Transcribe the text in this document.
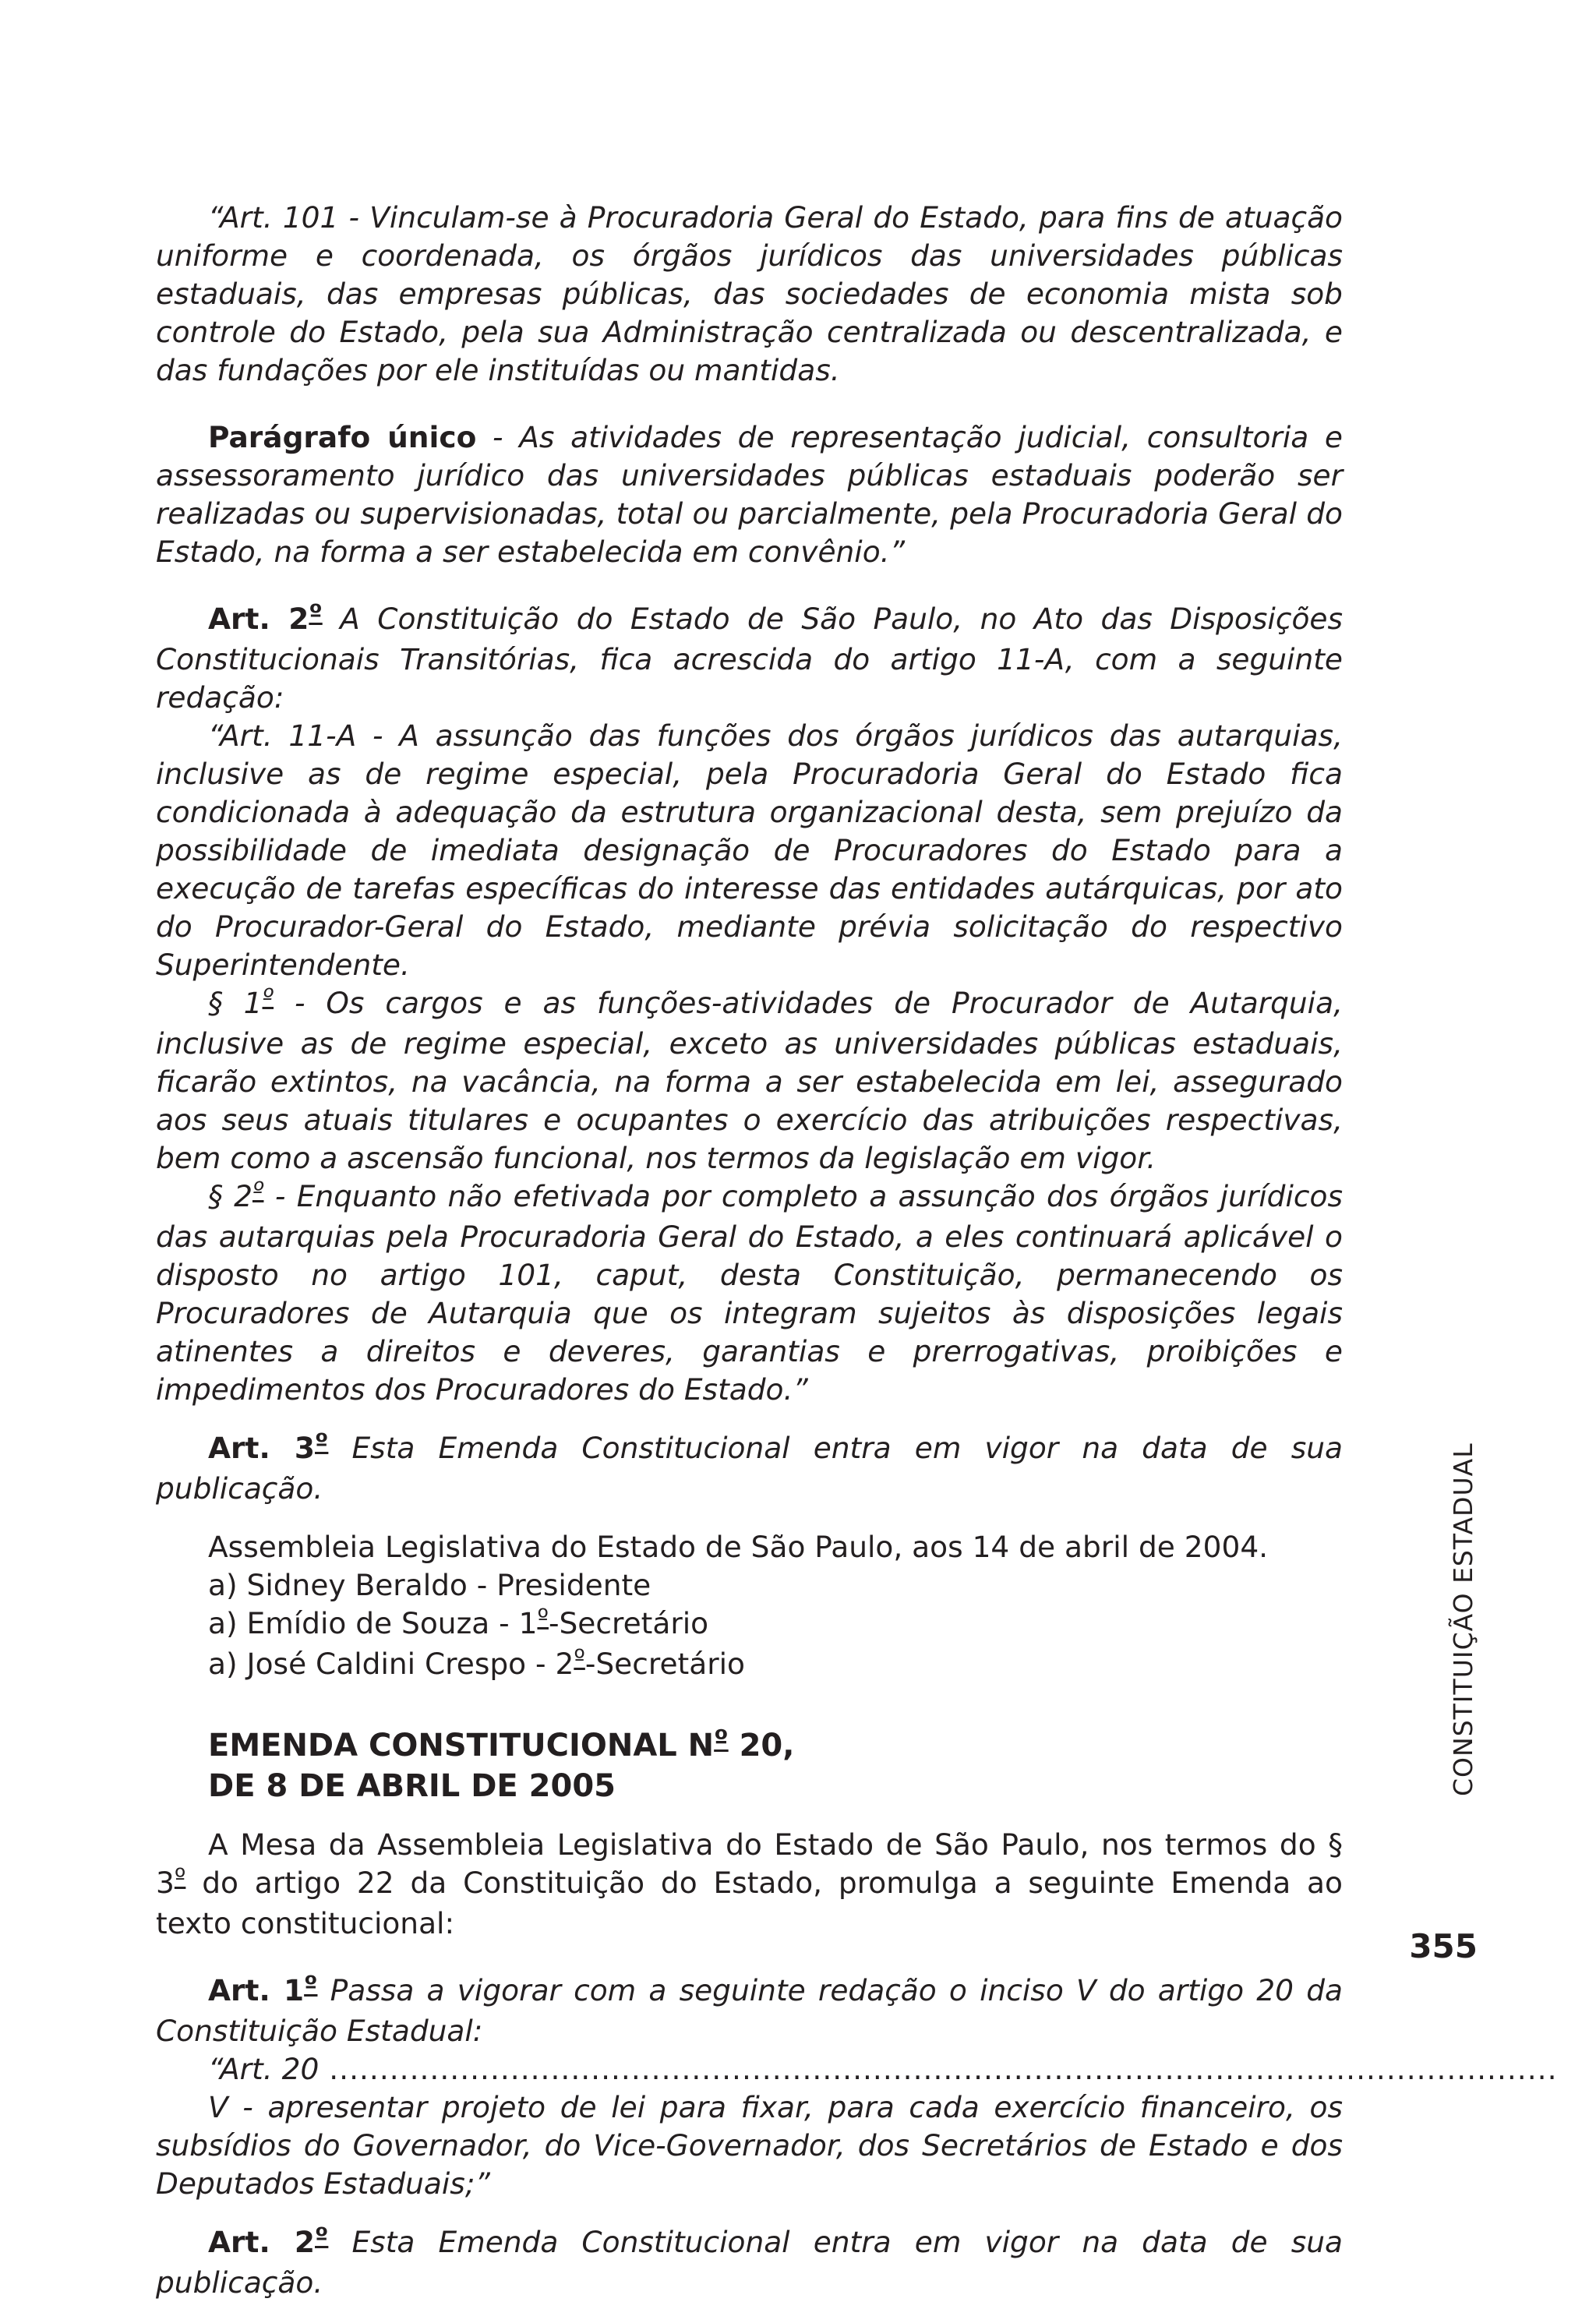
“Art. 101 - Vinculam-se à Procuradoria Geral do Estado, para fins de atuação uniforme e coordenada, os órgãos jurídicos das universidades públicas estaduais, das empresas públicas, das sociedades de economia mista sob controle do Estado, pela sua Administração centralizada ou descentralizada, e das fundações por ele instituídas ou mantidas.

Parágrafo único - As atividades de representação judicial, consultoria e assessoramento jurídico das universidades públicas estaduais poderão ser realizadas ou supervisionadas, total ou parcialmente, pela Procuradoria Geral do Estado, na forma a ser estabelecida em convênio.”

Art. $2^º$ A Constituição do Estado de São Paulo, no Ato das Disposições Constitucionais Transitórias, fica acrescida do artigo 11-A, com a seguinte redação:

“Art. 11-A - A assunção das funções dos órgãos jurídicos das autarquias, inclusive as de regime especial, pela Procuradoria Geral do Estado fica condicionada à adequação da estrutura organizacional desta, sem prejuízo da possibilidade de imediata designação de Procuradores do Estado para a execução de tarefas específicas do interesse das entidades autárquicas, por ato do Procurador-Geral do Estado, mediante prévia solicitação do respectivo Superintendente.

§ $1^º$ - Os cargos e as funções-atividades de Procurador de Autarquia, inclusive as de regime especial, exceto as universidades públicas estaduais, ficarão extintos, na vacância, na forma a ser estabelecida em lei, assegurado aos seus atuais titulares e ocupantes o exercício das atribuições respectivas, bem como a ascensão funcional, nos termos da legislação em vigor.

§ $2^º$ - Enquanto não efetivada por completo a assunção dos órgãos jurídicos das autarquias pela Procuradoria Geral do Estado, a eles continuará aplicável o disposto no artigo 101, caput, desta Constituição, permanecendo os Procuradores de Autarquia que os integram sujeitos às disposições legais atinentes a direitos e deveres, garantias e prerrogativas, proibições e impedimentos dos Procuradores do Estado.”

Art. $3^º$ Esta Emenda Constitucional entra em vigor na data de sua publicação.

Assembleia Legislativa do Estado de São Paulo, aos 14 de abril de 2004.
a) Sidney Beraldo - Presidente
a) Emídio de Souza - $1^º$-Secretário
a) José Caldini Crespo - $2^º$-Secretário
EMENDA CONSTITUCIONAL $N^º$ 20,
DE 8 DE ABRIL DE 2005

A Mesa da Assembleia Legislativa do Estado de São Paulo, nos termos do § $3^º$ do artigo 22 da Constituição do Estado, promulga a seguinte Emenda ao texto constitucional:

Art. $1^º$ Passa a vigorar com a seguinte redação o inciso V do artigo 20 da Constituição Estadual:

“Art. 20 ..........................................................................................................................

V - apresentar projeto de lei para fixar, para cada exercício financeiro, os subsídios do Governador, do Vice-Governador, dos Secretários de Estado e dos Deputados Estaduais;”

Art. $2^º$ Esta Emenda Constitucional entra em vigor na data de sua publicação.

CONSTITUIÇÃO ESTADUAL
355
